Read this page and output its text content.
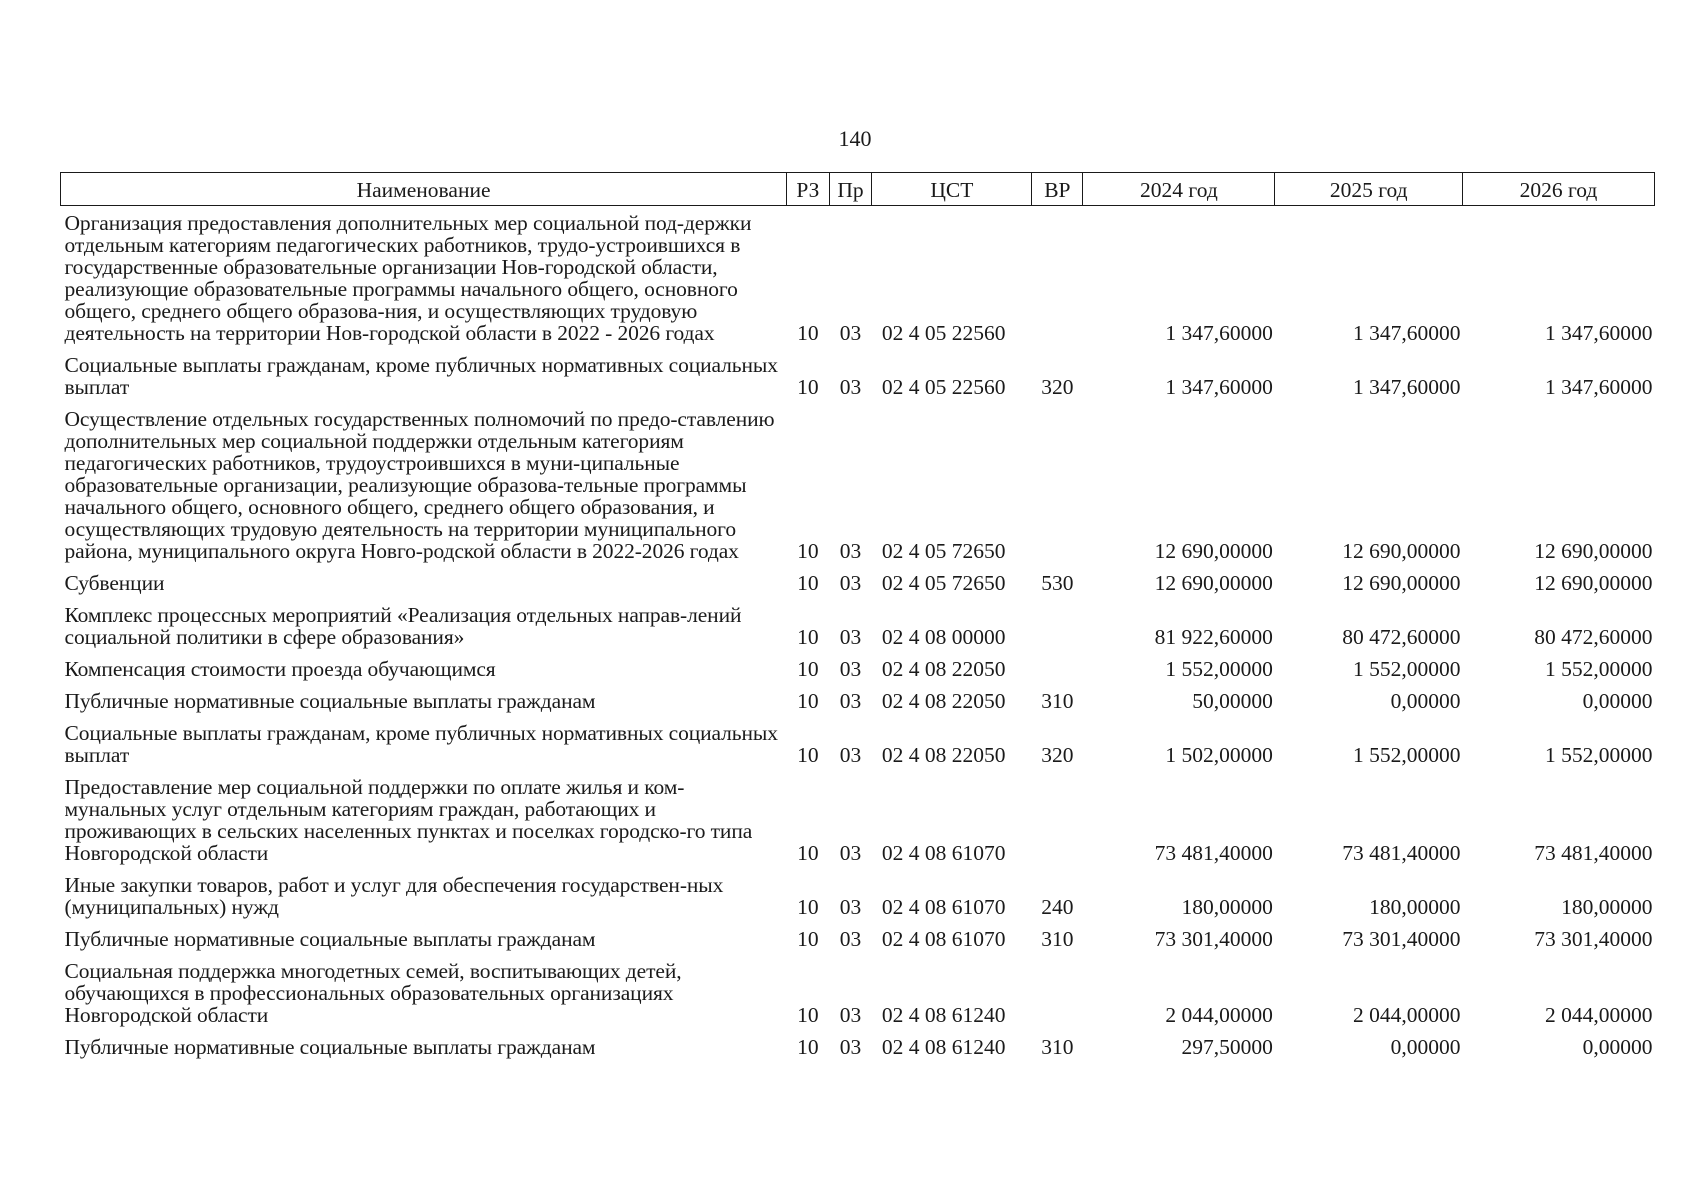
140
Наименование	РЗ	Пр	ЦСТ	ВР	2024 год	2025 год	2026 год
Организация предоставления дополнительных мер социальной под-держки отдельным категориям педагогических работников, трудо-устроившихся в государственные образовательные организации Нов-городской области, реализующие образовательные программы начального общего, основного общего, среднего общего образова-ния, и осуществляющих трудовую деятельность на территории Нов-городской области в 2022 - 2026 годах	10	03	02 4 05 22560		1 347,60000	1 347,60000	1 347,60000
Социальные выплаты гражданам, кроме публичных нормативных социальных выплат	10	03	02 4 05 22560	320	1 347,60000	1 347,60000	1 347,60000
Осуществление отдельных государственных полномочий по предо-ставлению дополнительных мер социальной поддержки отдельным категориям педагогических работников, трудоустроившихся в муни-ципальные образовательные организации, реализующие образова-тельные программы начального общего, основного общего, среднего общего образования, и осуществляющих трудовую деятельность на территории муниципального района, муниципального округа Новго-родской области в 2022-2026 годах	10	03	02 4 05 72650		12 690,00000	12 690,00000	12 690,00000
Субвенции	10	03	02 4 05 72650	530	12 690,00000	12 690,00000	12 690,00000
Комплекс процессных мероприятий «Реализация отдельных направ-лений социальной политики в сфере образования»	10	03	02 4 08 00000		81 922,60000	80 472,60000	80 472,60000
Компенсация стоимости проезда обучающимся	10	03	02 4 08 22050		1 552,00000	1 552,00000	1 552,00000
Публичные нормативные социальные выплаты гражданам	10	03	02 4 08 22050	310	50,00000	0,00000	0,00000
Социальные выплаты гражданам, кроме публичных нормативных социальных выплат	10	03	02 4 08 22050	320	1 502,00000	1 552,00000	1 552,00000
Предоставление мер социальной поддержки по оплате жилья и ком-мунальных услуг отдельным категориям граждан, работающих и проживающих в сельских населенных пунктах и поселках городско-го типа Новгородской области	10	03	02 4 08 61070		73 481,40000	73 481,40000	73 481,40000
Иные закупки товаров, работ и услуг для обеспечения государствен-ных (муниципальных) нужд	10	03	02 4 08 61070	240	180,00000	180,00000	180,00000
Публичные нормативные социальные выплаты гражданам	10	03	02 4 08 61070	310	73 301,40000	73 301,40000	73 301,40000
Социальная поддержка многодетных семей, воспитывающих детей, обучающихся в профессиональных образовательных организациях Новгородской области	10	03	02 4 08 61240		2 044,00000	2 044,00000	2 044,00000
Публичные нормативные социальные выплаты гражданам	10	03	02 4 08 61240	310	297,50000	0,00000	0,00000
